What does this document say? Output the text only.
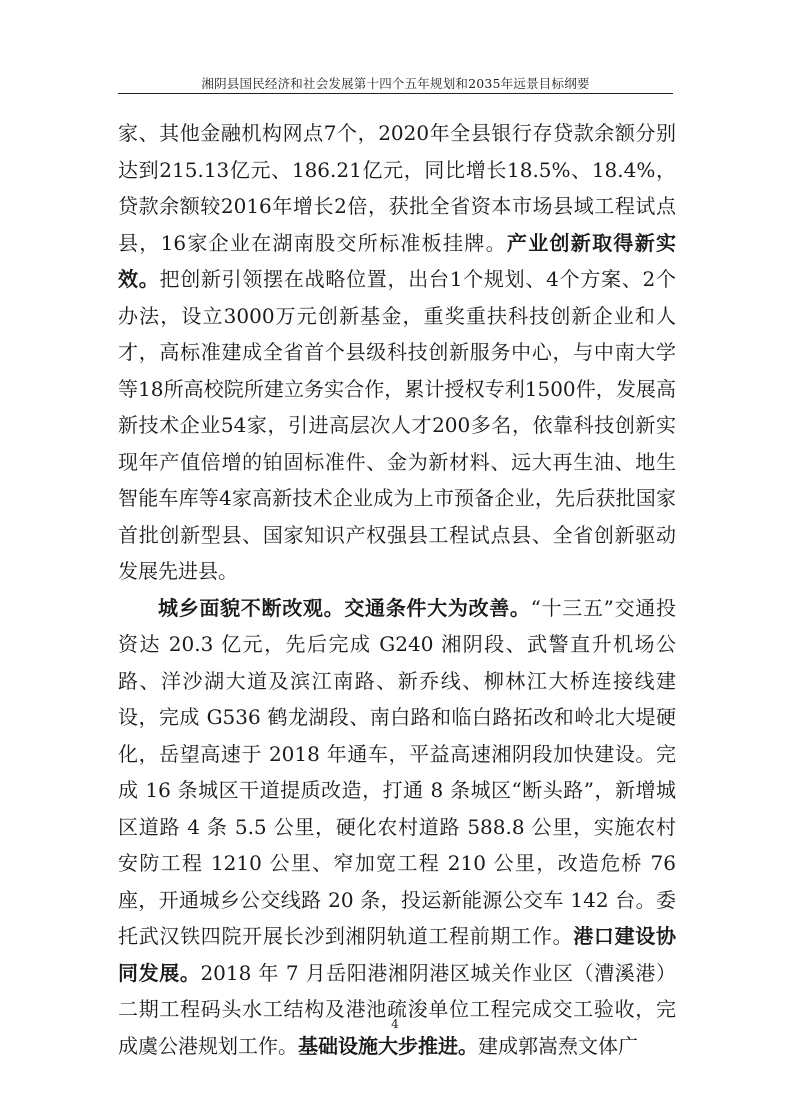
湘阴县国民经济和社会发展第十四个五年规划和2035年远景目标纲要

家、其他金融机构网点7个，2020年全县银行存贷款余额分别达到215.13亿元、186.21亿元，同比增长18.5%、18.4%，贷款余额较2016年增长2倍，获批全省资本市场县域工程试点县，16家企业在湖南股交所标准板挂牌。产业创新取得新实效。把创新引领摆在战略位置，出台1个规划、4个方案、2个办法，设立3000万元创新基金，重奖重扶科技创新企业和人才，高标准建成全省首个县级科技创新服务中心，与中南大学等18所高校院所建立务实合作，累计授权专利1500件，发展高新技术企业54家，引进高层次人才200多名，依靠科技创新实现年产值倍增的铂固标准件、金为新材料、远大再生油、地生智能车库等4家高新技术企业成为上市预备企业，先后获批国家首批创新型县、国家知识产权强县工程试点县、全省创新驱动发展先进县。

城乡面貌不断改观。交通条件大为改善。“十三五”交通投资达 20.3 亿元，先后完成 G240 湘阴段、武警直升机场公路、洋沙湖大道及滨江南路、新乔线、柳林江大桥连接线建设，完成 G536 鹤龙湖段、南白路和临白路拓改和岭北大堤硬化，岳望高速于 2018 年通车，平益高速湘阴段加快建设。完成 16 条城区干道提质改造，打通 8 条城区“断头路”，新增城区道路 4 条 5.5 公里，硬化农村道路 588.8 公里，实施农村安防工程 1210 公里、窄加宽工程 210 公里，改造危桥 76 座，开通城乡公交线路 20 条，投运新能源公交车 142 台。委托武汉铁四院开展长沙到湘阴轨道工程前期工作。港口建设协同发展。2018 年 7 月岳阳港湘阴港区城关作业区（漕溪港）二期工程码头水工结构及港池疏浚单位工程完成交工验收，完成虞公港规划工作。基础设施大步推进。建成郭嵩焘文体广

4
